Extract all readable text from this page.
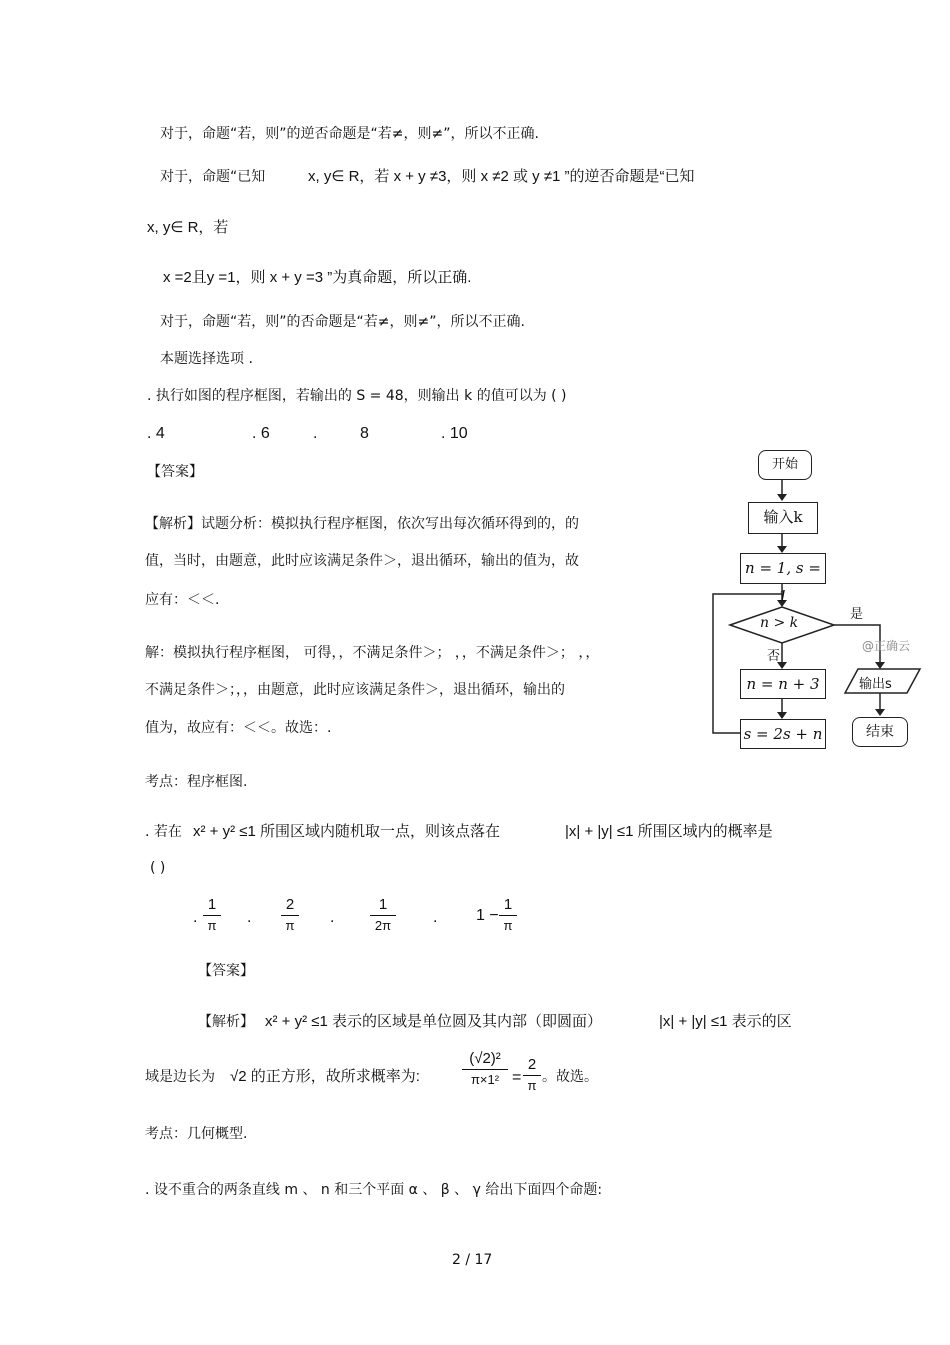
对于，命题“若，则”的逆否命题是“若≠，则≠”，所以不正确.
对于，命题“已知	x, y∈ R，若 x + y ≠3，则 x ≠2 或 y ≠1 ”的逆否命题是“已知
x, y∈ R，若
x =2且y =1，则 x + y =3 ”为真命题，所以正确.
对于，命题“若，则”的否命题是“若≠，则≠”，所以不正确.
本题选择选项 .
. 执行如图的程序框图，若输出的 S = 48，则输出 k 的值可以为 ( )
. 4	. 6	.	8	. 10
【答案】
【解析】试题分析：模拟执行程序框图，依次写出每次循环得到的，的
值，当时，由题意，此时应该满足条件＞，退出循环，输出的值为，故
应有：＜＜.
解：模拟执行程序框图， 可得，，不满足条件＞； ，，不满足条件＞； ，，
不满足条件＞；，，由题意，此时应该满足条件＞，退出循环，输出的
值为，故应有：＜＜。故选：.
考点：程序框图.
开始
输入k
n = 1, s = 1
n > k
是
@正确云
否
n = n + 3
s = 2s + n
输出s
结束
. 若在 x² + y² ≤1 所围区域内随机取一点，则该点落在	|x| + |y| ≤1 所围区域内的概率是
( )
.
1
π .
2
π .
1
2π	. 1 −
1
π
【答案】
【解析】 x² + y² ≤1 表示的区域是单位圆及其内部（即圆面）	|x| + |y| ≤1 表示的区
域是边长为 √2 的正方形，故所求概率为:
(√2)²
π×1² =
2
π
。故选。
考点：几何概型.
. 设不重合的两条直线 m 、 n 和三个平面 α 、 β 、 γ 给出下面四个命题:
2 / 17
